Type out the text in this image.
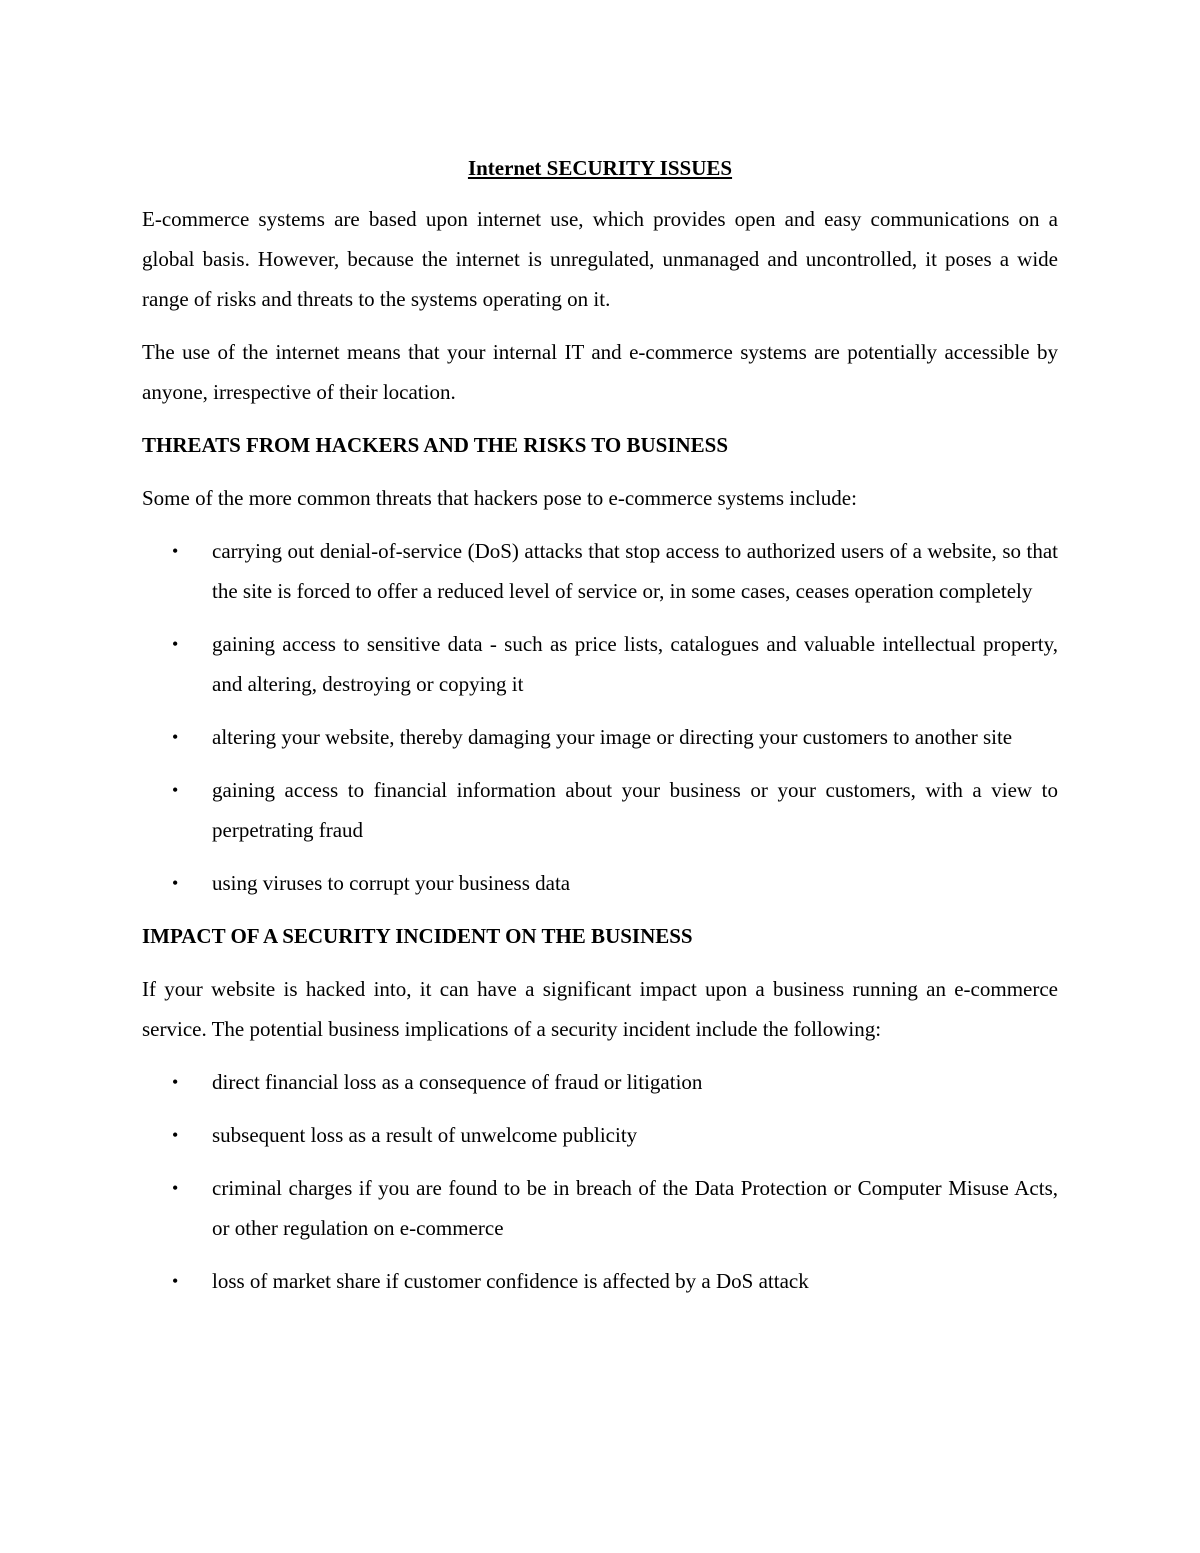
Internet SECURITY ISSUES

E-commerce systems are based upon internet use, which provides open and easy communications on a global basis. However, because the internet is unregulated, unmanaged and uncontrolled, it poses a wide range of risks and threats to the systems operating on it.

The use of the internet means that your internal IT and e-commerce systems are potentially accessible by anyone, irrespective of their location.

THREATS FROM HACKERS AND THE RISKS TO BUSINESS

Some of the more common threats that hackers pose to e-commerce systems include:

• carrying out denial-of-service (DoS) attacks that stop access to authorized users of a website, so that the site is forced to offer a reduced level of service or, in some cases, ceases operation completely
• gaining access to sensitive data - such as price lists, catalogues and valuable intellectual property, and altering, destroying or copying it
• altering your website, thereby damaging your image or directing your customers to another site
• gaining access to financial information about your business or your customers, with a view to perpetrating fraud
• using viruses to corrupt your business data
IMPACT OF A SECURITY INCIDENT ON THE BUSINESS

If your website is hacked into, it can have a significant impact upon a business running an e-commerce service. The potential business implications of a security incident include the following:

• direct financial loss as a consequence of fraud or litigation
• subsequent loss as a result of unwelcome publicity
• criminal charges if you are found to be in breach of the Data Protection or Computer Misuse Acts, or other regulation on e-commerce
• loss of market share if customer confidence is affected by a DoS attack
